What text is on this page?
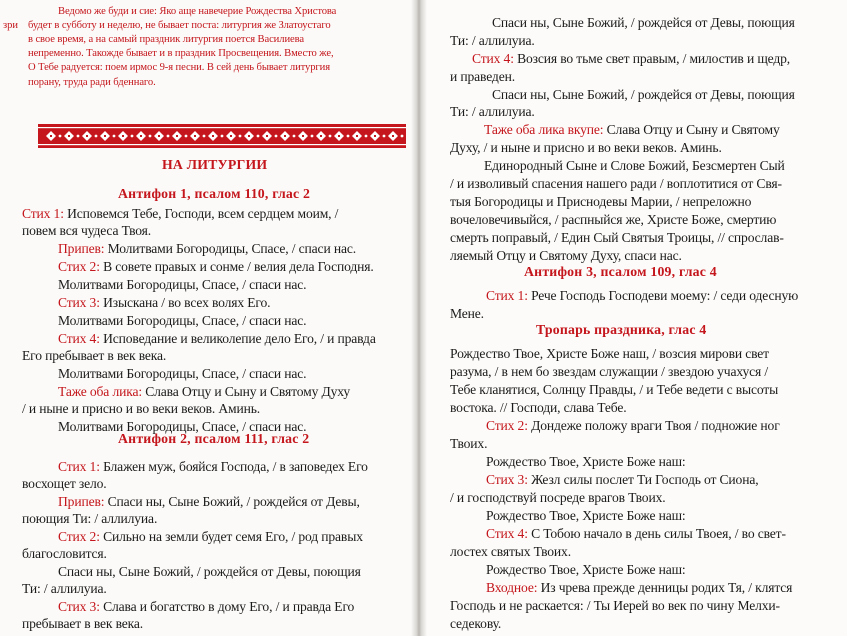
зри
Ведомо же буди и сие: Яко аще навечерие Рождества Христова
будет в субботу и неделю, не бывает поста: литургия же Златоустаго
в свое время, а на самый праздник литургия поется Василиева
непременно. Такожде бывает и в праздник Просвещения. Вместо же,
О Тебе радуется: поем ирмос 9-я песни. В сей день бывает литургия
порану, труда ради бденнаго.
НА ЛИТУРГИИ
Антифон 1, псалом 110, глас 2
Антифон 2, псалом 111, глас 2
Стих 1: Исповемся Тебе, Господи, всем сердцем моим, /
повем вся чудеса Твоя.
Припев: Молитвами Богородицы, Спасе, / спаси нас.
Стих 2: В совете правых и сонме / велия дела Господня.
Молитвами Богородицы, Спасе, / спаси нас.
Стих 3: Изыскана / во всех волях Его.
Молитвами Богородицы, Спасе, / спаси нас.
Стих 4: Исповедание и великолепие дело Его, / и правда
Его пребывает в век века.
Молитвами Богородицы, Спасе, / спаси нас.
Таже оба лика: Слава Отцу и Сыну и Святому Духу
/ и ныне и присно и во веки веков. Аминь.
Молитвами Богородицы, Спасе, / спаси нас.
Стих 1: Блажен муж, бояйся Господа, / в заповедех Его
восхощет зело.
Припев: Спаси ны, Сыне Божий, / рождейся от Девы,
поющия Ти: / аллилуиа.
Стих 2: Сильно на земли будет семя Его, / род правых
благословится.
Спаси ны, Сыне Божий, / рождейся от Девы, поющия
Ти: / аллилуиа.
Стих 3: Слава и богатство в дому Его, / и правда Его
пребывает в век века.
Антифон 3, псалом 109, глас 4
Тропарь праздника, глас 4
Спаси ны, Сыне Божий, / рождейся от Девы, поющия
Ти: / аллилуиа.
Стих 4: Возсия во тьме свет правым, / милостив и щедр,
и праведен.
Спаси ны, Сыне Божий, / рождейся от Девы, поющия
Ти: / аллилуиа.
Таже оба лика вкупе: Слава Отцу и Сыну и Святому
Духу, / и ныне и присно и во веки веков. Аминь.
Единородный Сыне и Слове Божий, Безсмертен Сый
/ и изволивый спасения нашего ради / воплотитися от Свя-
тыя Богородицы и Приснодевы Марии, / непреложно
вочеловечивыйся, / распныйся же, Христе Боже, смертию
смерть поправый, / Един Сый Святыя Троицы, // спрослав-
ляемый Отцу и Святому Духу, спаси нас.
Стих 1: Рече Господь Господеви моему: / седи одесную
Мене.
Рождество Твое, Христе Боже наш, / возсия мирови свет
разума, / в нем бо звездам служащии / звездою учахуся /
Тебе кланятися, Солнцу Правды, / и Тебе ведети с высоты
востока. // Господи, слава Тебе.
Стих 2: Дондеже положу враги Твоя / подножие ног
Твоих.
Рождество Твое, Христе Боже наш:
Стих 3: Жезл силы послет Ти Господь от Сиона,
/ и господствуй посреде врагов Твоих.
Рождество Твое, Христе Боже наш:
Стих 4: С Тобою начало в день силы Твоея, / во свет-
лостех святых Твоих.
Рождество Твое, Христе Боже наш:
Входное: Из чрева прежде денницы родих Тя, / клятся
Господь и не раскается: / Ты Иерей во век по чину Мелхи-
седекову.
